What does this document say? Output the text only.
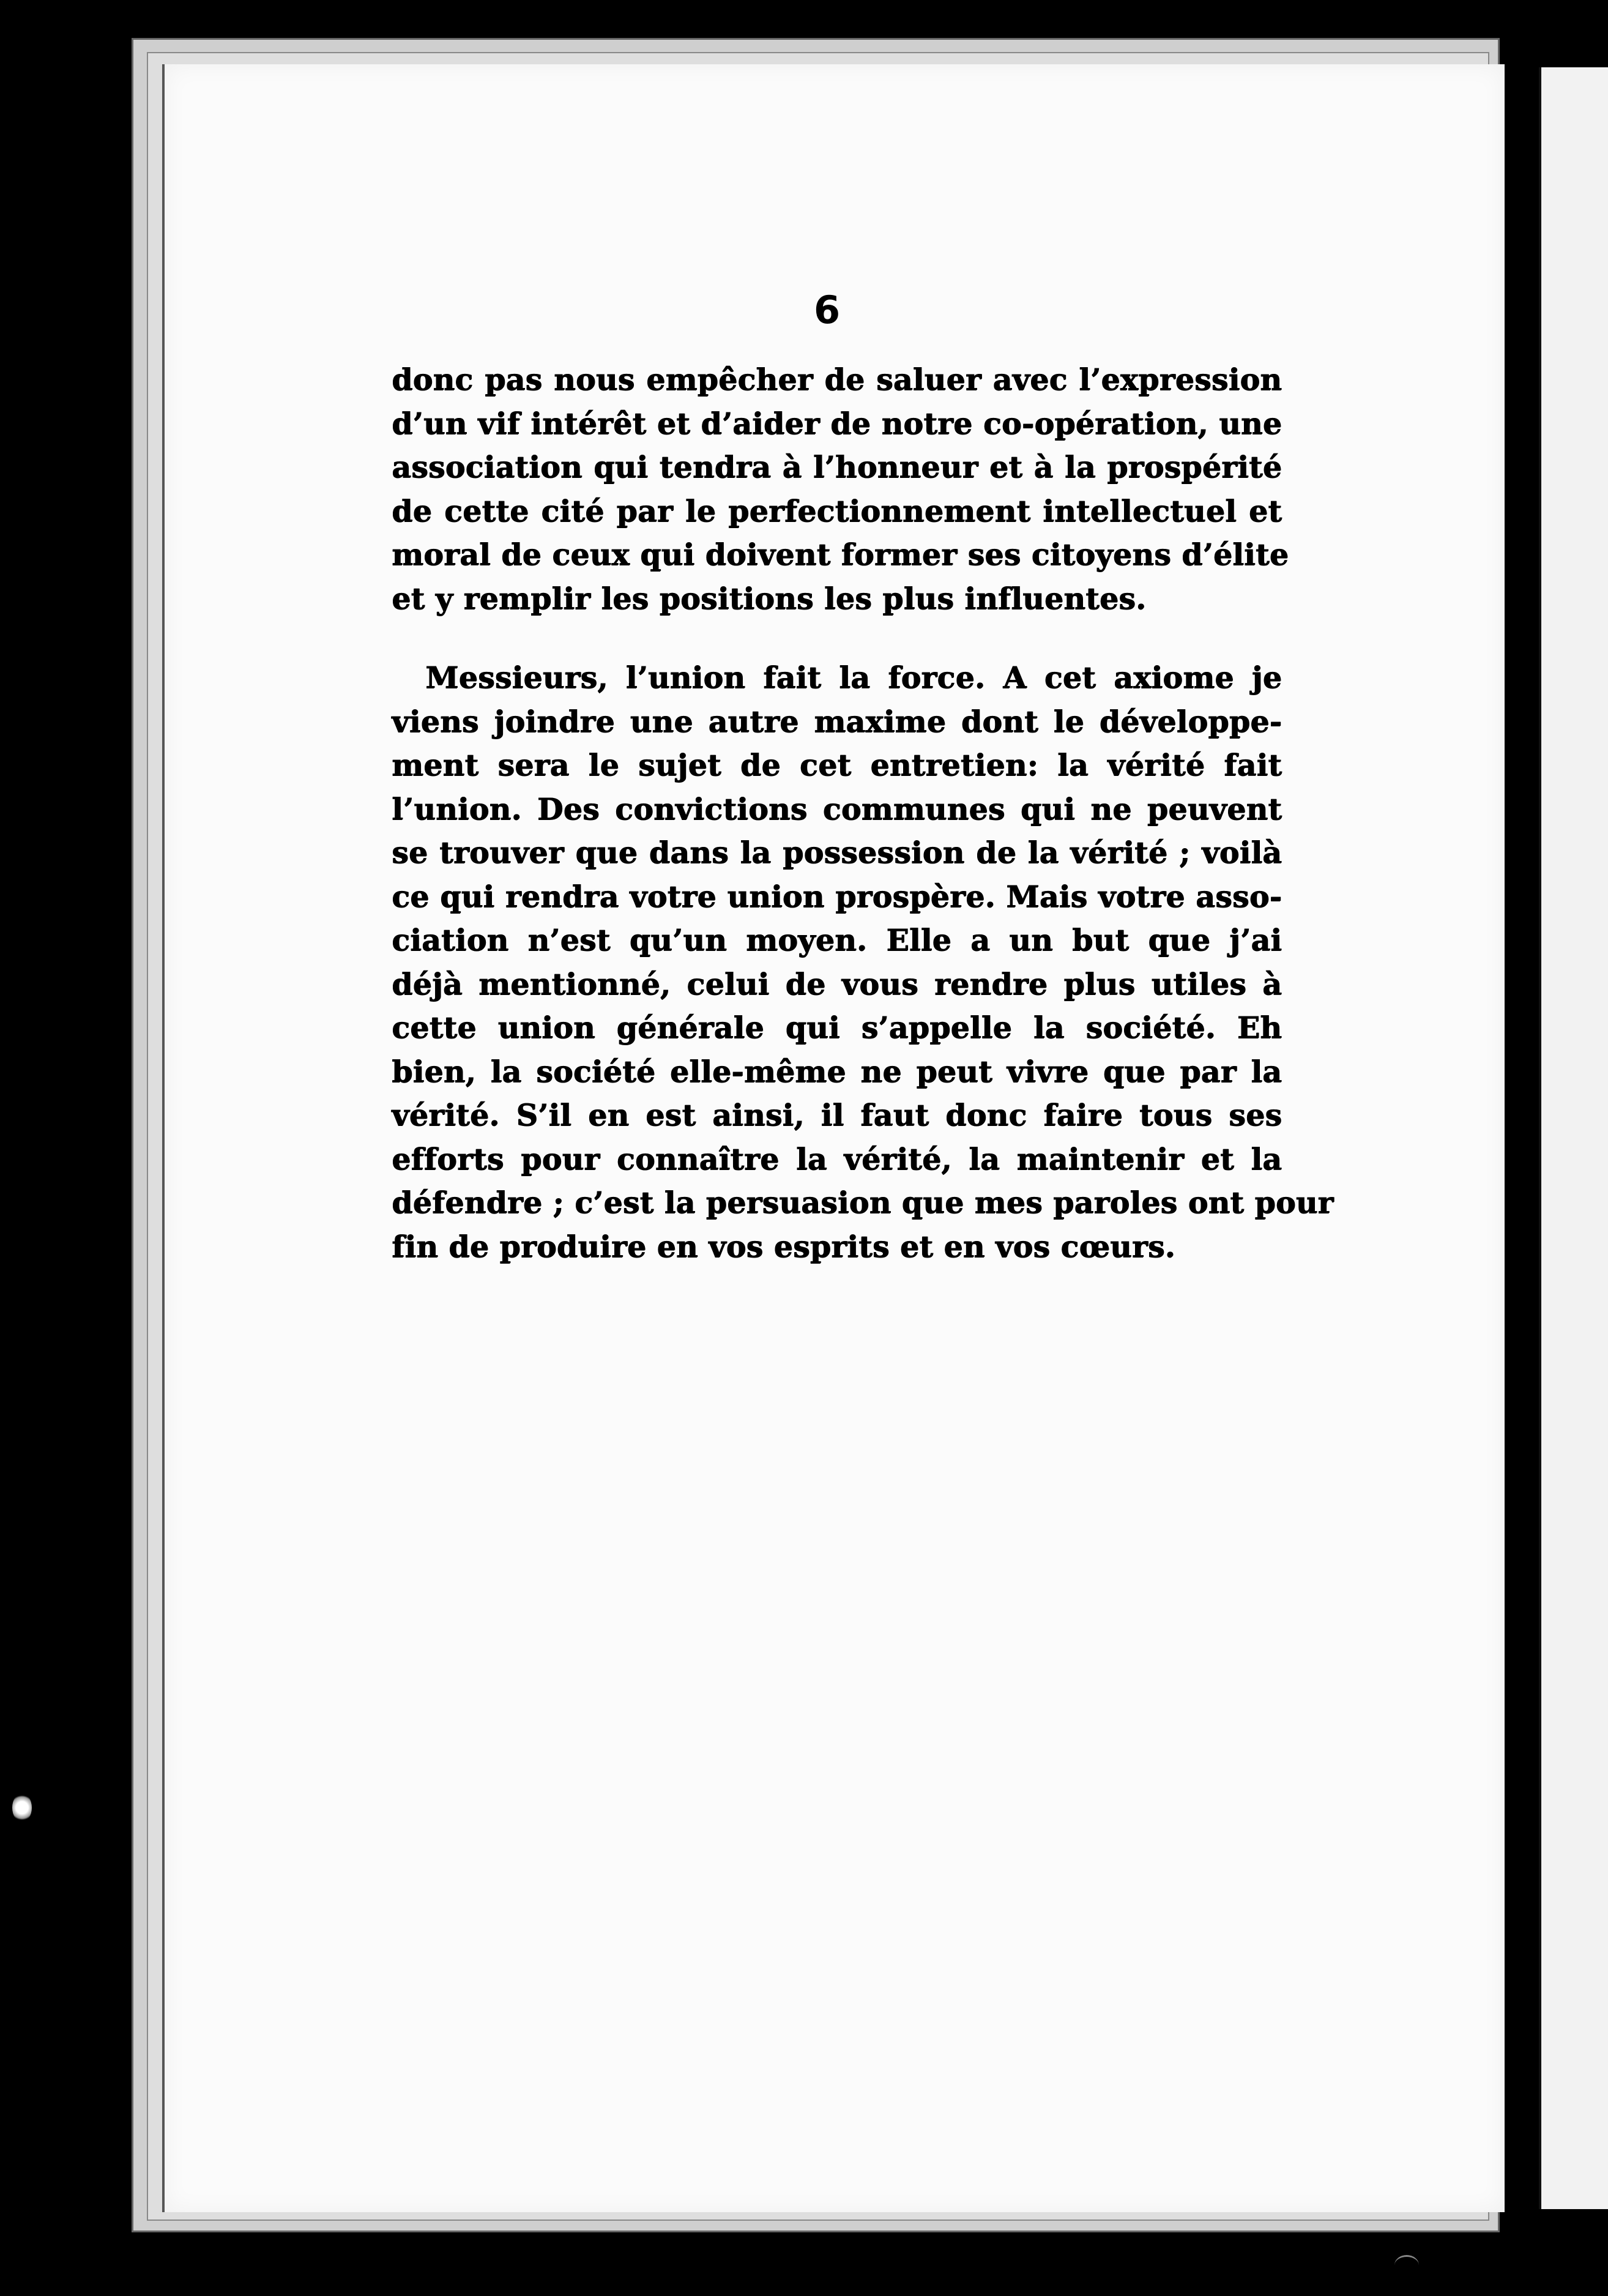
6

donc pas nous empêcher de saluer avec l’expression
d’un vif intérêt et d’aider de notre co-opération, une
association qui tendra à l’honneur et à la prospérité
de cette cité par le perfectionnement intellectuel et
moral de ceux qui doivent former ses citoyens d’élite
et y remplir les positions les plus influentes.

Messieurs, l’union fait la force. A cet axiome je
viens joindre une autre maxime dont le développe-
ment sera le sujet de cet entretien: la vérité fait
l’union. Des convictions communes qui ne peuvent
se trouver que dans la possession de la vérité ; voilà
ce qui rendra votre union prospère. Mais votre asso-
ciation n’est qu’un moyen. Elle a un but que j’ai
déjà mentionné, celui de vous rendre plus utiles à
cette union générale qui s’appelle la société. Eh
bien, la société elle-même ne peut vivre que par la
vérité. S’il en est ainsi, il faut donc faire tous ses
efforts pour connaître la vérité, la maintenir et la
défendre ; c’est la persuasion que mes paroles ont pour
fin de produire en vos esprits et en vos cœurs.
